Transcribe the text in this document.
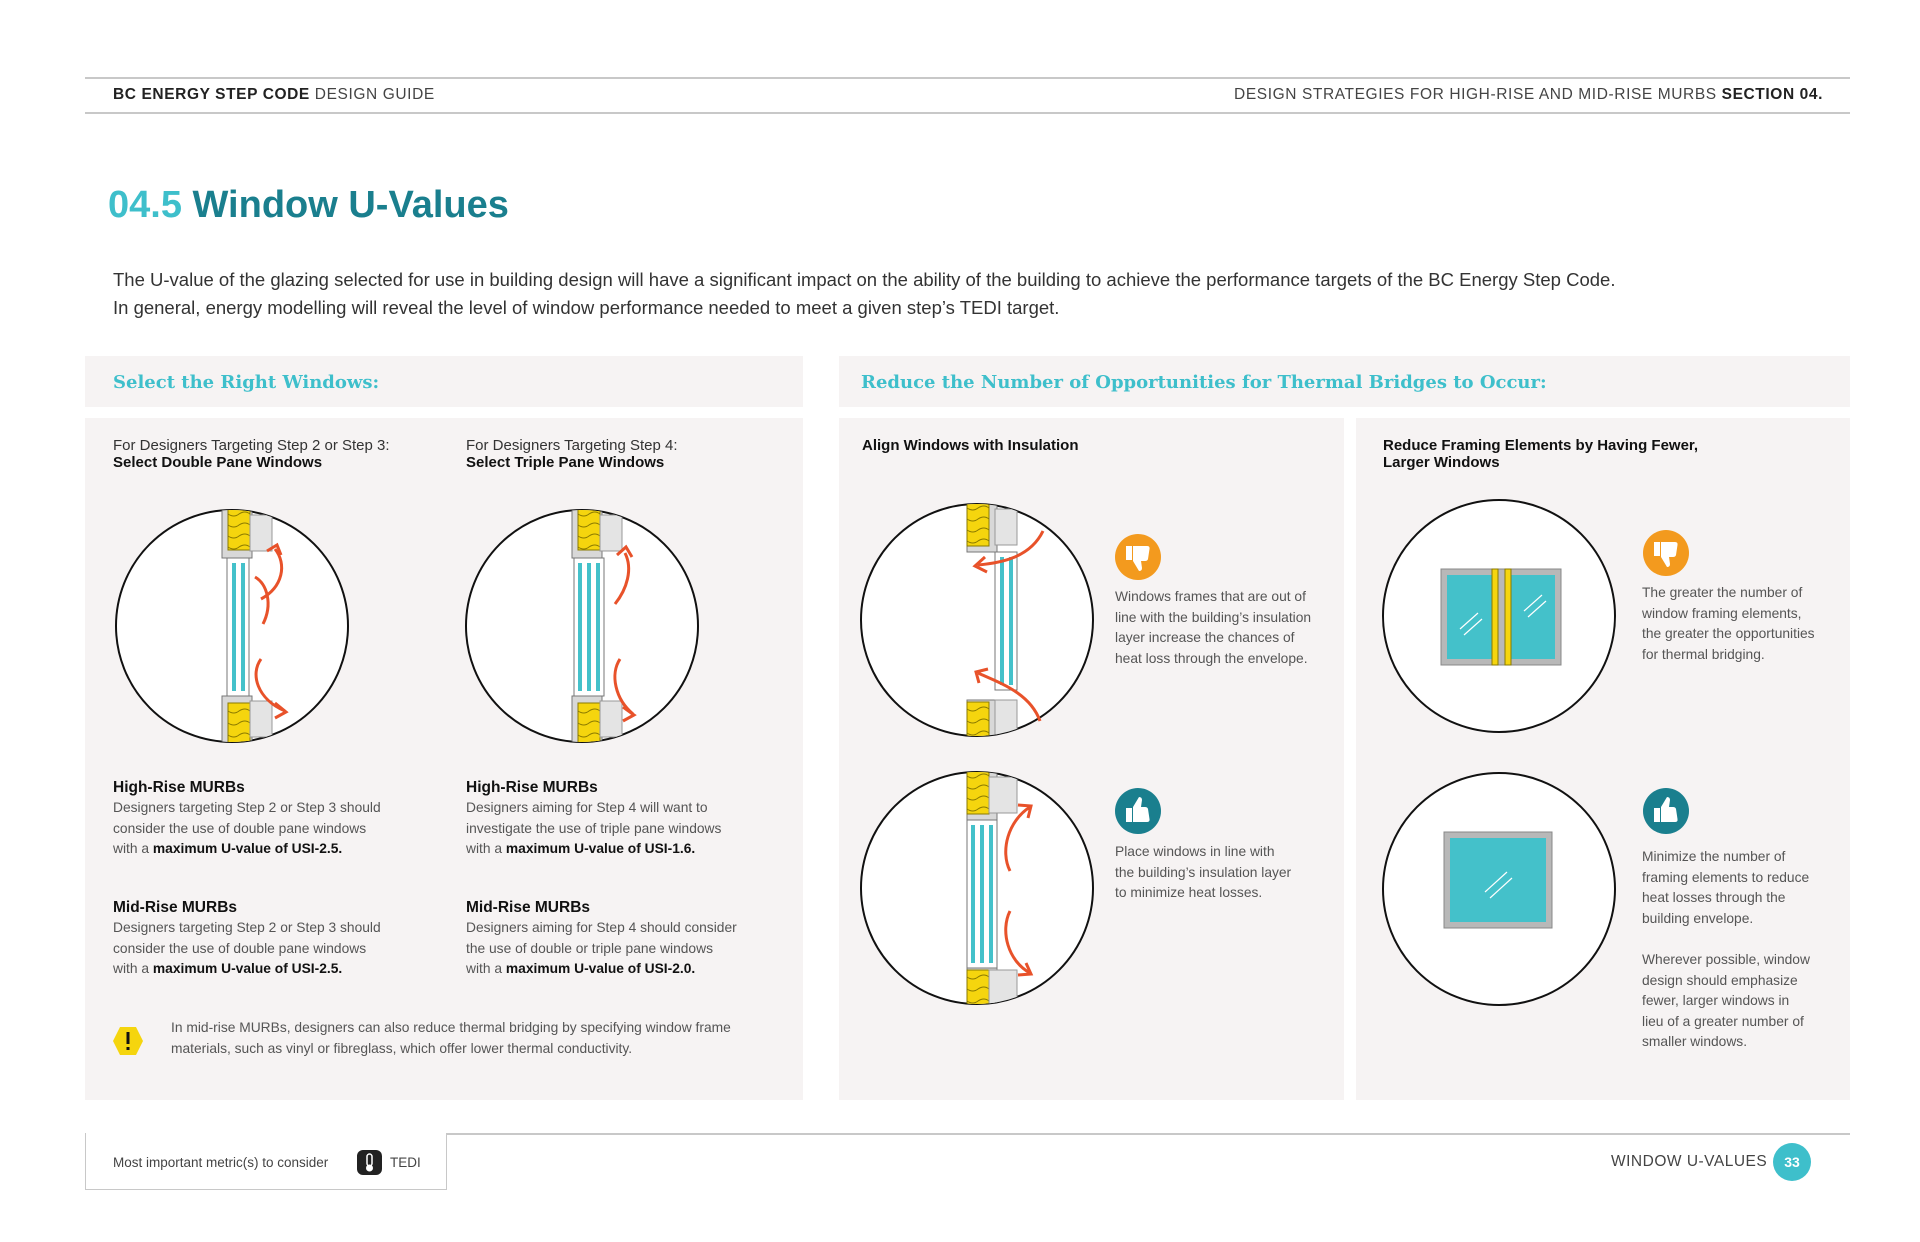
BC ENERGY STEP CODE DESIGN GUIDE	DESIGN STRATEGIES FOR HIGH-RISE AND MID-RISE MURBS SECTION 04.
04.5 Window U-Values
The U-value of the glazing selected for use in building design will have a significant impact on the ability of the building to achieve the performance targets of the BC Energy Step Code.
In general, energy modelling will reveal the level of window performance needed to meet a given step’s TEDI target.
Select the Right Windows:	Reduce the Number of Opportunities for Thermal Bridges to Occur:
For Designers Targeting Step 2 or Step 3:
Select Double Pane Windows
For Designers Targeting Step 4:
Select Triple Pane Windows
High-Rise MURBs
Designers targeting Step 2 or Step 3 should
consider the use of double pane windows
with a maximum U-value of USI-2.5.
Mid-Rise MURBs
Designers targeting Step 2 or Step 3 should
consider the use of double pane windows
with a maximum U-value of USI-2.5.
High-Rise MURBs
Designers aiming for Step 4 will want to
investigate the use of triple pane windows
with a maximum U-value of USI-1.6.
Mid-Rise MURBs
Designers aiming for Step 4 should consider
the use of double or triple pane windows
with a maximum U-value of USI-2.0.
In mid-rise MURBs, designers can also reduce thermal bridging by specifying window frame
materials, such as vinyl or fibreglass, which offer lower thermal conductivity.
Align Windows with Insulation
Windows frames that are out of
line with the building’s insulation
layer increase the chances of
heat loss through the envelope.
Place windows in line with
the building’s insulation layer
to minimize heat losses.
Reduce Framing Elements by Having Fewer,
Larger Windows
The greater the number of
window framing elements,
the greater the opportunities
for thermal bridging.
Minimize the number of
framing elements to reduce
heat losses through the
building envelope.
Wherever possible, window
design should emphasize
fewer, larger windows in
lieu of a greater number of
smaller windows.
Most important metric(s) to consider	TEDI	WINDOW U-VALUES	33
